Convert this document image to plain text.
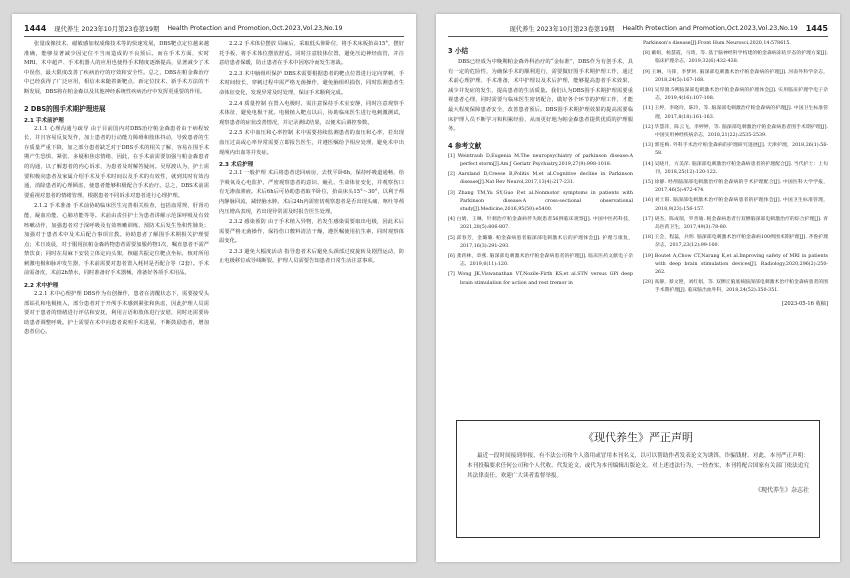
1444 现代养生 2023年10月第23卷第19期 Health Protection and Promotion,Oct.2023,Vol.23,No.19

张量成像技术、磁敏感加权成像技术等的快速发展，DBS靶点定位越来越准确，能够显著减少因定位不当而造成的不良预后。而在手术方面，实时 MRI、术中超声、手术机器人的应用也使得手术精度逐渐提高，显著减少了术中误伤，最大限度改善了疾病治疗的疗效和安全性。总之，DBS在帕金森治疗中已经获得了广泛应用，相信未来随着新靶点、新定位技术、新手术方法的不断发展，DBS将在帕金森以及其他神经系统性疾病治疗中发挥更重要的作用。

2 DBS的围手术期护理进展
2.1 手术前护理

2.1.1 心理沟通与疏导 由于目前国内对DBS治疗帕金森患者由于病程较长，并且容易反复发作，加上患者的行动能力障碍和肢体抖动，导致患者的生存质量严重下降，加之部分患者缺乏对于DBS手术的相关了解，容易在围手术期产生恐惧、紧张、多疑和焦虑情绪，因此，在手术前需要加强与帕金森患者的沟通，以了解患者的内心诉求，为患者及时解答疑问。吴厚渡认为，护士需要积极向患者及家属介绍手术及手术时间以及手术的有效性，就到其时有效沟通，消除患者的心理顾虑，使患者能够积极配合手术治疗。总之，DBS术前需要重视对患者的情绪管理，根据患者不同诉求对患者进行心理护理。

2.1.2 手术准备 手术前协助临床医生完善相关检查，包括血常规、肝肾功能、凝血功能、心肺功能等等。术前由责任护士为患者讲解示范深呼吸及有效咳嗽动作，加强患者对于深呼吸及有效咳嗽训练，预防术后发生坠积性肺炎；加强对于患者术中及术后配合事项宣教。协助患者了解围手术期相关护理要点；术日凌晨，对于服用抗帕金森药物患者需要加服药物1次，嘱直患者不需严禁饮食；同时在局麻下安装立体定向头架，核磁共振定位靶点坐标，核对所用刺激电极和脉冲发生器，手术前需要对患者置入耗材是否配合等（2套）。手术前需备皮，术前2h禁水，同时准备好手术器械，准备好各项手术用品。

2.2 术中护理

2.2.1 术中心理护理 DBS作为有创操作，患者在清醒状态下，需要接受头部钻孔和电极植入，部分患者对于开颅手术感到紧张和焦虑，因此护理人员需要对于患者的情绪进行评估和安抚，利用言语和肢体进行安慰，同时还需要协助患者调整呼吸。护士需要在术中向患者说明手术进展，不断鼓励患者，增加患者信心。

2.2.2 手术体位摆放 局麻后，采取低头仰卧位，将手术床板抬高15°，摆好托手板，将手术体位摆放舒适。同时注意肢体位置，避免压迫神经血管，并注意给患者保暖，防止患者在手术中因寒冷而发生寒战。

2.2.3 术中脑组织保护 DBS术需要根据患者的靶点位置进行定向穿刺，手术时间较长，穿刺过程中需严格无菌操作，避免脑组织损伤，同时监测患者生命体征变化，发现异常及时处理，保证手术顺利完成。

2.2.4 质量控制 在置入电极时，需注意保持手术室安静，同时注意观察手术体征，避免电极干扰。电极植入靶点以后，协助临床医生进行电刺激测试，观察患者的症状改善情况，并记录测试结果，以便术后调控参数。

2.2.5 术中血压和心率控制 术中需要持续监测患者的血压和心率，若出现血压过高或心率异常需要立即报告医生，并遵医嘱给予相应处理，避免术中出现颅内出血等并发症。

2.3 术后护理

2.3.1 一般护理 术后将患者送回病房，去枕平卧6h，保持呼吸道通畅，给予吸氧及心电监护，严密观察患者的意识、瞳孔、生命体征变化，并观察伤口有无渗血渗液。术后6h后可协助患者取半卧位，抬高床头15°～30°，以利于颅内静脉回流，减轻脑水肿。术后24h内需密切观察患者是否出现头痛、呕吐等颅内压增高表现，若出现异常需及时报告医生处理。

2.3.2 感染预防 由于手术植入异物，若发生感染需要取出电极，因此术后需要严格无菌操作，保持伤口敷料清洁干燥，遵医嘱使用抗生素，同时观察体温变化。

2.3.3 避免大幅度活动 指导患者术后避免头颈部过度旋转及剧烈运动，防止电极移位或导线断裂。护理人员需要告知患者日常生活注意事项。

现代养生 2023年10月第23卷第19期 Health Protection and Promotion,Oct.2023,Vol.23,No.19 1445
3 小结

DBS已经成为中晚期帕金森外科治疗的“金标准”，DBS作为有创手术，具有一定的危险性，为确保手术的顺利进行，需要做好围手术期护理工作，通过术前心理护理、手术准备，术中护理以及术后护理，能够提高患者手术效果，减少并发症的发生，提高患者的生活质量。我们认为DBS围手术期护理需要重视患者心理，同时需要与临床医生密切配合，做好各个环节的护理工作，才能最大程度保障患者安全，改善患者预后。DBS围手术期护理效果的提高需要临床护理人员不断学习和积累经验，从而更好地为帕金森患者提供优质的护理服务。

4 参考文献

[1] Weintraub D,Eugenia M.The neuropsychiatry of parkinson disease:A perfect storm[J].Am J Geriatr Psychiatry,2019,27(9):998-1018.

[2] Aarsland D,Creese B,Politis M,et al.Cognitive decline in Parkinson disease[J].Nat Rev Neurol,2017,13(4):217-231.

[3] Zhang TM,Yu SY,Guo P,et al.Nonmotor symptoms in patients with Parkinson disease:A cross-sectional observational study[J].Medicine,2016,95(50):e5400.

[4] 白婧，王琳，针刺治疗帕金森病伴失眠患者56例临床观察[J]. 中国中医药科技，2021,28(5):806-807.

[5] 邱春芳，金璐璐. 帕金森病患者脑深部电刺激术后的护理体会[J]. 护理与康复，2017,16(3):291-293.

[6] 龚蒋林，章燕. 脑深部电刺激术治疗帕金森病患者的护理[J]. 临床医药文献电子杂志，2019,6(11):120.

[7] Wong JK,Viswanathan VT,Nozile-Firth KS,et al.STN versus GPi deep brain stimulation for action and rest tremor in

Parkinson's disease[J].Front Hum Neurosci,2020,14:578615.

[8] 戴娟，杨慧霞，马琦，等. 基于脑神经科学构建的帕金森病冻结步态的护理方案[J]. 临床护理杂志，2019,32(6):432-438.

[9] 王琳，马锋，李梦珂. 脑深部电刺激术治疗帕金森病的护理[J]. 河南外科学杂志，2018,24(5):167-168.

[10] 吴厚渡.5例脑深部电刺激术治疗帕金森病的护理体会[J]. 实用临床护理学电子杂志，2019,4(16):107-108.

[11] 王婷，李晓玲，陈玲，等. 脑深部电刺激治疗帕金森病的护理[J]. 中国卫生标准管理，2017,8(18):161-163.

[12] 毕慧萍，陈云飞，李婷婷，等. 脑深部电刺激治疗帕金森病患者围手术期护理[J]. 中国实用神经疾病杂志，2018,21(22):2535-2539.

[13] 郭连梅. 外科手术治疗帕金森病的护理研究进展[J]. 天津护理，2018,26(1):56-58.

[14] 吴晓月，方美萍. 脑深部电刺激治疗帕金森病患者的护理配合[J]. 当代护士：上旬刊，2018,25(12):120-122.

[15] 徐静. 经颅脑深部电刺激治疗帕金森病的手术护理配合[J]. 中国医科大学学报，2017,46(5):472-474.

[16] 刘士阳. 脑深部电刺激术治疗帕金森病患者的护理体会[J]. 中国卫生标准管理，2018,9(23):156-157.

[17] 胡杰，陈成瑞，罗善瑜. 帕金森病患者行双侧脑深部电刺激治疗的综合护理[J]. 青岛医药卫生，2017,49(3):78-80.

[18] 王会，程蕊，兵明. 脑深部电刺激术治疗帕金森病100例围术期护理[J]. 齐鲁护理杂志，2017,23(12):99-100.

[19] Boutet A,Chow CT,Narang K,et al.Improving safety of MRI in patients with deep brain stimulation devices[J]. Radiology,2020,296(2):250-262.

[20] 高静，蔡文艳，刘红娟，等. 双侧丘脑底核脑深部电刺激术治疗帕金森病患者的围手术期护理[J]. 临床脑出血外科，2018,24(52):350-351.

[2023-05-16 收稿]
《现代养生》严正声明

最近一段时间接到举报，有不法公司和个人盗用或冒用本刊名义，以可以帮助作者发表论文为诱饵，诈骗钱财。对此，本刊严正声明：本刊投稿要求任何公司和个人代收、代发论文，或代为本刊编辑出版论文。对上述违法行为，一经查实，本刊将配合国家有关部门依法追究其法律责任。欢迎广大读者监督举报。

《现代养生》杂志社
